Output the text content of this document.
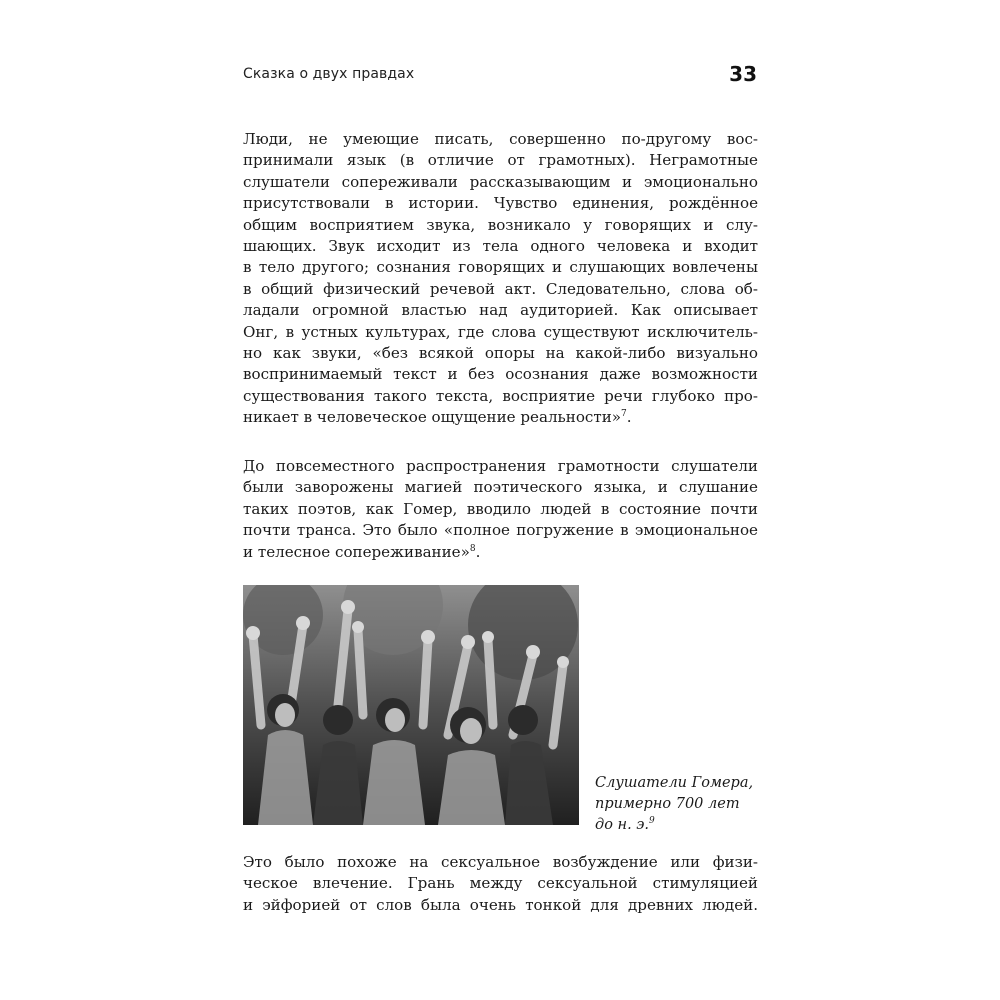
Сказка о двух правдах	33
Люди, не умеющие писать, совершенно по-другому вос-
принимали язык (в отличие от грамотных). Неграмотные
слушатели сопереживали рассказывающим и эмоционально
присутствовали в истории. Чувство единения, рождённое
общим восприятием звука, возникало у говорящих и слу-
шающих. Звук исходит из тела одного человека и входит
в тело другого; сознания говорящих и слушающих вовлечены
в общий физический речевой акт. Следовательно, слова об-
ладали огромной властью над аудиторией. Как описывает
Онг, в устных культурах, где слова существуют исключитель-
но как звуки, «без всякой опоры на какой-либо визуально
воспринимаемый текст и без осознания даже возможности
существования такого текста, восприятие речи глубоко про-
никает в человеческое ощущение реальности»$^7$.
До повсеместного распространения грамотности слушатели
были заворожены магией поэтического языка, и слушание
таких поэтов, как Гомер, вводило людей в состояние почти
почти транса. Это было «полное погружение в эмоциональное
и телесное сопереживание»$^8$.
Слушатели Гомера,
примерно 700 лет
до н. э.$^9$
Это было похоже на сексуальное возбуждение или физи-
ческое влечение. Грань между сексуальной стимуляцией
и эйфорией от слов была очень тонкой для древних людей.
